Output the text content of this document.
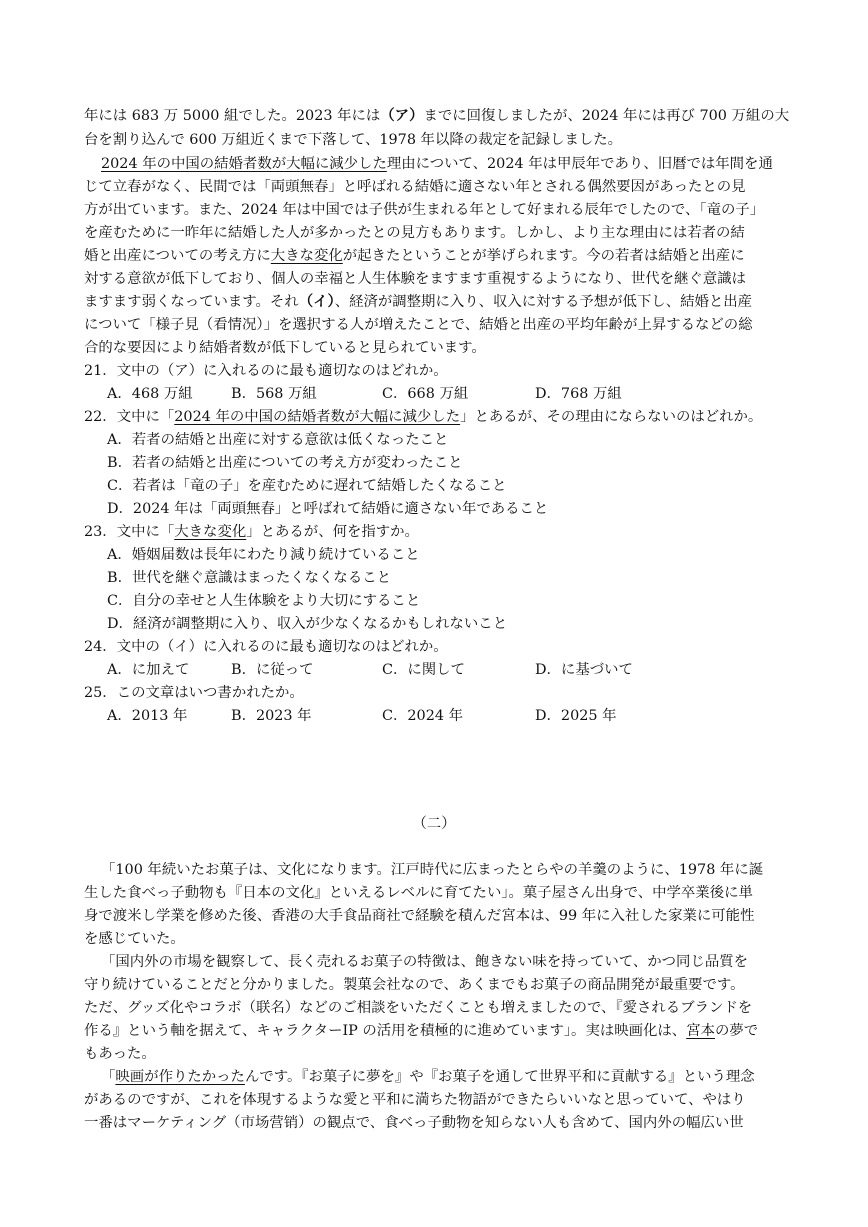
年には 683 万 5000 組でした。2023 年には（ア）までに回復しましたが、2024 年には再び 700 万組の大
台を割り込んで 600 万組近くまで下落して、1978 年以降の裁定を記録しました。
2024 年の中国の結婚者数が大幅に減少した理由について、2024 年は甲辰年であり、旧暦では年間を通
じて立春がなく、民間では「両頭無春」と呼ばれる結婚に適さない年とされる偶然要因があったとの見
方が出ています。また、2024 年は中国では子供が生まれる年として好まれる辰年でしたので、「竜の子」
を産むために一昨年に結婚した人が多かったとの見方もあります。しかし、より主な理由には若者の結
婚と出産についての考え方に大きな変化が起きたということが挙げられます。今の若者は結婚と出産に
対する意欲が低下しており、個人の幸福と人生体験をますます重視するようになり、世代を継ぐ意識は
ますます弱くなっています。それ（イ）、経済が調整期に入り、収入に対する予想が低下し、結婚と出産
について「様子見（看情况）」を選択する人が増えたことで、結婚と出産の平均年齢が上昇するなどの総
合的な要因により結婚者数が低下していると見られています。
21．文中の（ア）に入れるのに最も適切なのはどれか。
A．468 万組	B．568 万組	C．668 万組	D．768 万組
22．文中に「2024 年の中国の結婚者数が大幅に減少した」とあるが、その理由にならないのはどれか。
A．若者の結婚と出産に対する意欲は低くなったこと
B．若者の結婚と出産についての考え方が変わったこと
C．若者は「竜の子」を産むために遅れて結婚したくなること
D．2024 年は「両頭無春」と呼ばれて結婚に適さない年であること
23．文中に「大きな変化」とあるが、何を指すか。
A．婚姻届数は長年にわたり減り続けていること
B．世代を継ぐ意識はまったくなくなること
C．自分の幸せと人生体験をより大切にすること
D．経済が調整期に入り、収入が少なくなるかもしれないこと
24．文中の（イ）に入れるのに最も適切なのはどれか。
A．に加えて	B．に従って	C．に関して	D．に基づいて
25．この文章はいつ書かれたか。
A．2013 年	B．2023 年	C．2024 年	D．2025 年
（二）
「100 年続いたお菓子は、文化になります。江戸時代に広まったとらやの羊羹のように、1978 年に誕
生した食べっ子動物も『日本の文化』といえるレベルに育てたい」。菓子屋さん出身で、中学卒業後に単
身で渡米し学業を修めた後、香港の大手食品商社で経験を積んだ宮本は、99 年に入社した家業に可能性
を感じていた。
「国内外の市場を観察して、長く売れるお菓子の特徴は、飽きない味を持っていて、かつ同じ品質を
守り続けていることだと分かりました。製菓会社なので、あくまでもお菓子の商品開発が最重要です。
ただ、グッズ化やコラボ（联名）などのご相談をいただくことも増えましたので、『愛されるブランドを
作る』という軸を据えて、キャラクターIP の活用を積極的に進めています」。実は映画化は、宮本の夢で
もあった。
「映画が作りたかったんです。『お菓子に夢を』や『お菓子を通して世界平和に貢献する』という理念
があるのですが、これを体現するような愛と平和に満ちた物語ができたらいいなと思っていて、やはり
一番はマーケティング（市场营销）の観点で、食べっ子動物を知らない人も含めて、国内外の幅広い世
